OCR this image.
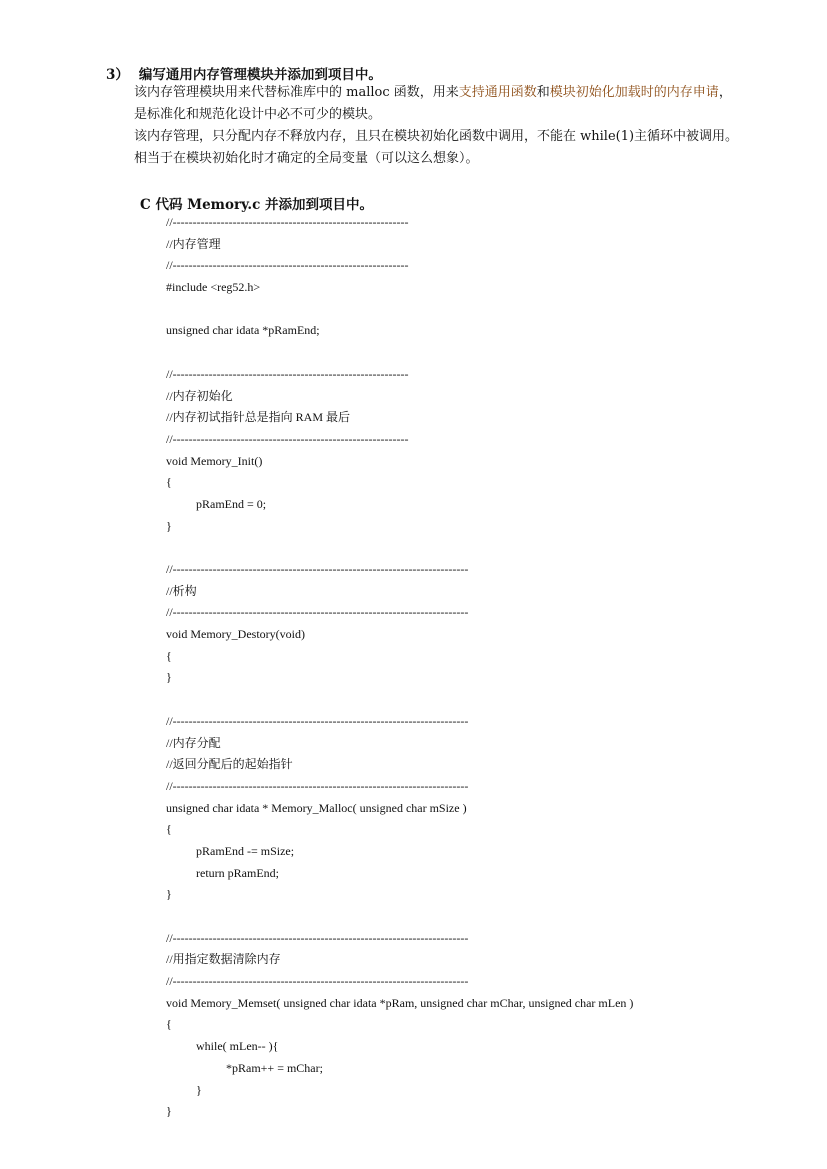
3） 编写通用内存管理模块并添加到项目中。
该内存管理模块用来代替标准库中的 malloc 函数，用来支持通用函数和模块初始化加载时的内存申请，
是标准化和规范化设计中必不可少的模块。
该内存管理，只分配内存不释放内存，且只在模块初始化函数中调用，不能在 while(1)主循环中被调用。
相当于在模块初始化时才确定的全局变量（可以这么想象）。
C 代码 Memory.c 并添加到项目中。
//-----------------------------------------------------------
//内存管理
//-----------------------------------------------------------
#include <reg52.h>

unsigned char idata *pRamEnd;

//-----------------------------------------------------------
//内存初始化
//内存初试指针总是指向 RAM 最后
//-----------------------------------------------------------
void Memory_Init()
{
pRamEnd = 0;
}

//--------------------------------------------------------------------------
//析构
//--------------------------------------------------------------------------
void Memory_Destory(void)
{
}

//--------------------------------------------------------------------------
//内存分配
//返回分配后的起始指针
//--------------------------------------------------------------------------
unsigned char idata * Memory_Malloc( unsigned char mSize )
{
pRamEnd -= mSize;
return pRamEnd;
}

//--------------------------------------------------------------------------
//用指定数据清除内存
//--------------------------------------------------------------------------
void Memory_Memset( unsigned char idata *pRam, unsigned char mChar, unsigned char mLen )
{
while( mLen-- ){
*pRam++ = mChar;
}
}
